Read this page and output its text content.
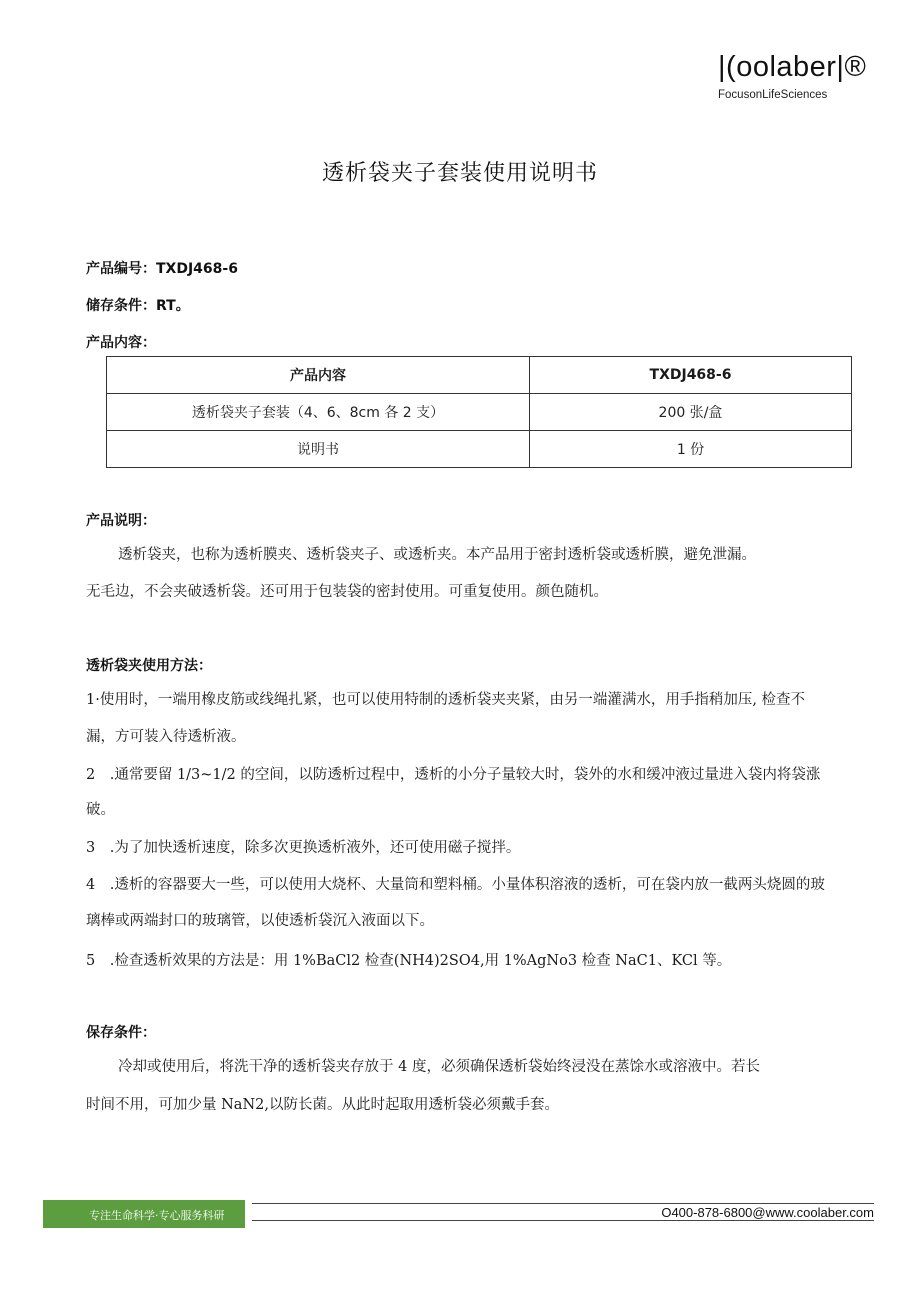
|(oolaber|®
FocusonLifeSciences
透析袋夹子套装使用说明书
产品编号：TXDJ468-6
储存条件：RT。
产品内容：
产品内容	TXDJ468-6
透析袋夹子套装（4、6、8cm 各 2 支）	200 张/盒
说明书	1 份
产品说明：
透析袋夹，也称为透析膜夹、透析袋夹子、或透析夹。本产品用于密封透析袋或透析膜，避免泄漏。
无毛边，不会夹破透析袋。还可用于包装袋的密封使用。可重复使用。颜色随机。
透析袋夹使用方法：
1·使用时，一端用橡皮筋或线绳扎紧，也可以使用特制的透析袋夹夹紧，由另一端灌满水，用手指稍加压, 检查不
漏，方可装入待透析液。
2　.通常要留 1/3~1/2 的空间，以防透析过程中，透析的小分子量较大时，袋外的水和缓冲液过量进入袋内将袋涨
破。
3　.为了加快透析速度，除多次更换透析液外，还可使用磁子搅拌。
4　.透析的容器要大一些，可以使用大烧杯、大量筒和塑料桶。小量体积溶液的透析，可在袋内放一截两头烧圆的玻
璃棒或两端封口的玻璃管，以使透析袋沉入液面以下。
5　.检查透析效果的方法是：用 1%BaCl2 检查(NH4)2SO4,用 1%AgNo3 检查 NaC1、KCl 等。
保存条件：
冷却或使用后，将洗干净的透析袋夹存放于 4 度，必须确保透析袋始终浸没在蒸馀水或溶液中。若长
时间不用，可加少量 NaN2,以防长菌。从此时起取用透析袋必须戴手套。
专注生命科学·专心服务科研	O400-878-6800@www.coolaber.com
